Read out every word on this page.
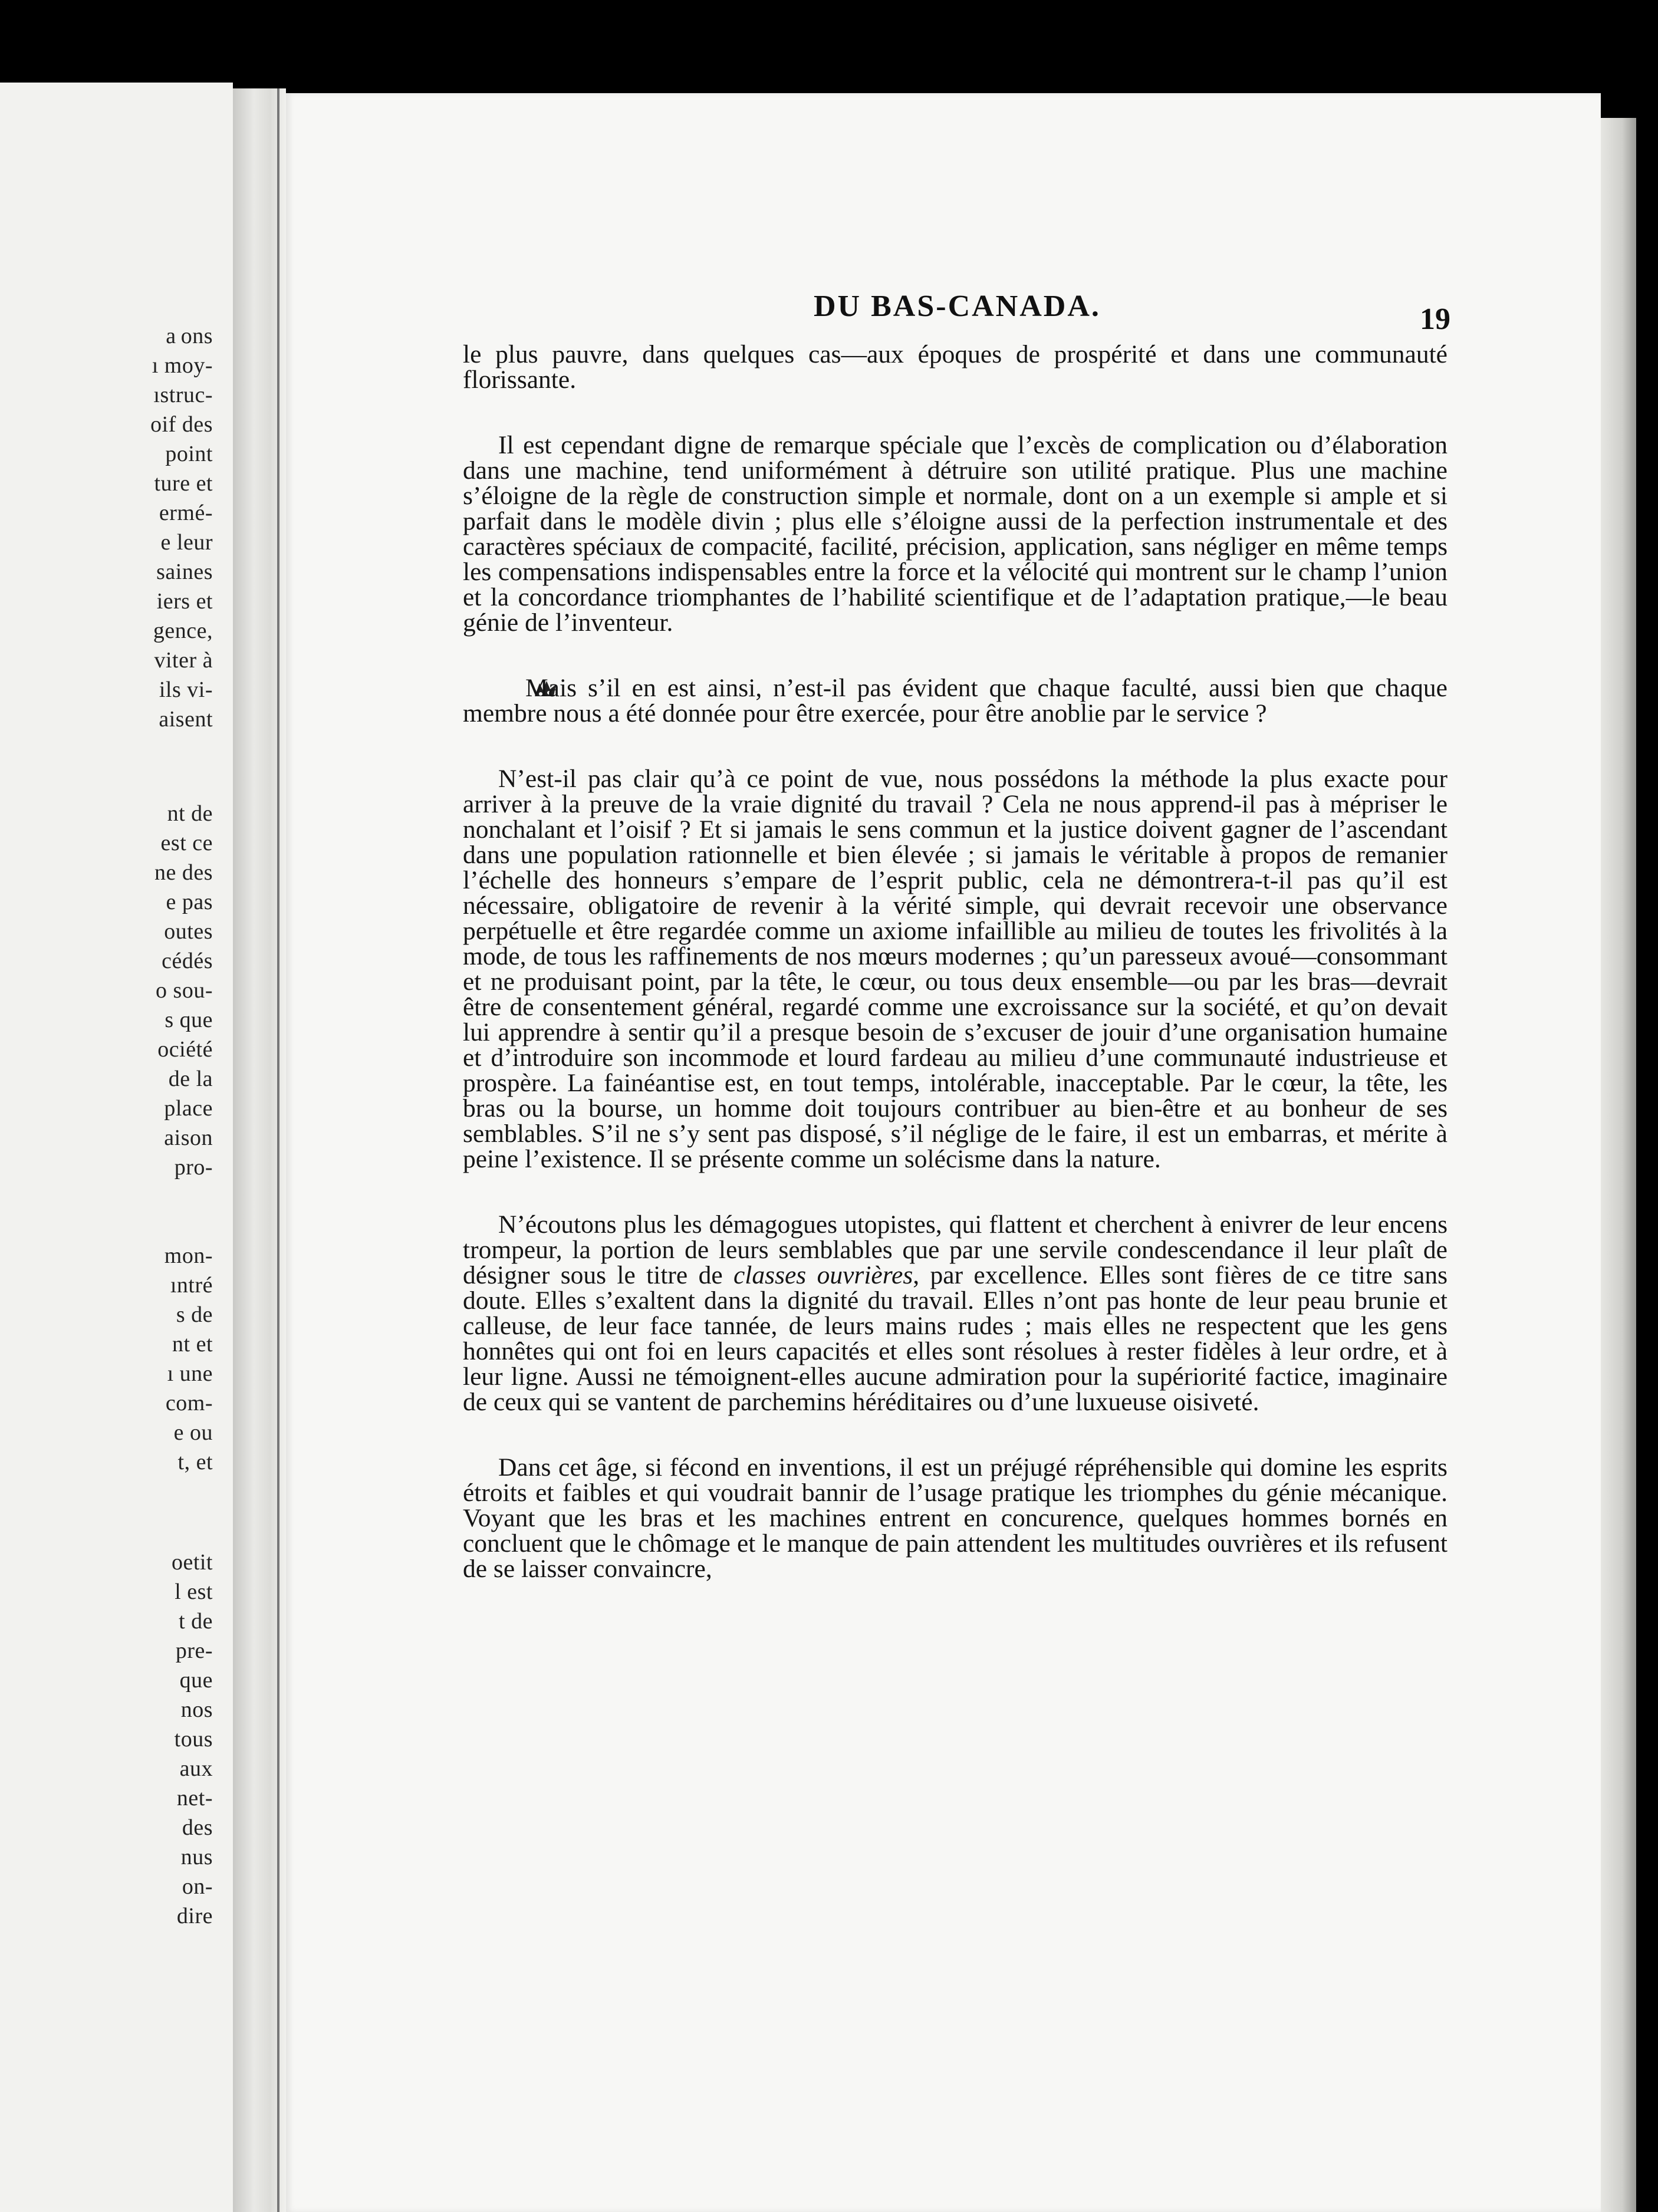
a ons
ı moy-
ıstruc-
oif des
point
ture et
ermé-
e leur
saines
iers et
gence,
viter à
ils vi-
aisent
nt de
est ce
ne des
e pas
outes
cédés
o sou-
s que
ociété
de la
place
aison
pro-
mon-
ıntré
s de
nt et
ı une
com-
e ou
t, et
oetit
l est
t de
pre-
que
nos
tous
aux
net-
des
nus
on-
dire
DU BAS-CANADA.	19

le plus pauvre, dans quelques cas—aux époques de prospérité et dans une communauté florissante.

Il est cependant digne de remarque spéciale que l’excès de complication ou d’élaboration dans une machine, tend uniformément à détruire son utilité pratique. Plus une machine s’éloigne de la règle de construction simple et normale, dont on a un exemple si ample et si parfait dans le modèle divin ; plus elle s’éloigne aussi de la perfection instrumentale et des caractères spéciaux de compacité, facilité, précision, application, sans négliger en même temps les compensations indispensables entre la force et la vélocité qui montrent sur le champ l’union et la concordance triomphantes de l’habilité scientifique et de l’adaptation pratique,—le beau génie de l’inventeur.

Mais s’il en est ainsi, n’est-il pas évident que chaque faculté, aussi bien que chaque membre nous a été donnée pour être exercée, pour être anoblie par le service ?

N’est-il pas clair qu’à ce point de vue, nous possédons la méthode la plus exacte pour arriver à la preuve de la vraie dignité du travail ? Cela ne nous apprend-il pas à mépriser le nonchalant et l’oisif ? Et si jamais le sens commun et la justice doivent gagner de l’ascendant dans une population rationnelle et bien élevée ; si jamais le véritable à propos de remanier l’échelle des honneurs s’empare de l’esprit public, cela ne démontrera-t-il pas qu’il est nécessaire, obligatoire de revenir à la vérité simple, qui devrait recevoir une observance perpétuelle et être regardée comme un axiome infaillible au milieu de toutes les frivolités à la mode, de tous les raffinements de nos mœurs modernes ; qu’un paresseux avoué—consommant et ne produisant point, par la tête, le cœur, ou tous deux ensemble—ou par les bras—devrait être de consentement général, regardé comme une excroissance sur la société, et qu’on devait lui apprendre à sentir qu’il a presque besoin de s’excuser de jouir d’une organisation humaine et d’introduire son incommode et lourd fardeau au milieu d’une communauté industrieuse et prospère. La fainéantise est, en tout temps, intolérable, inacceptable. Par le cœur, la tête, les bras ou la bourse, un homme doit toujours contribuer au bien-être et au bonheur de ses semblables. S’il ne s’y sent pas disposé, s’il néglige de le faire, il est un embarras, et mérite à peine l’existence. Il se présente comme un solécisme dans la nature.

N’écoutons plus les démagogues utopistes, qui flattent et cherchent à enivrer de leur encens trompeur, la portion de leurs semblables que par une servile condescendance il leur plaît de désigner sous le titre de classes ouvrières, par excellence. Elles sont fières de ce titre sans doute. Elles s’exaltent dans la dignité du travail. Elles n’ont pas honte de leur peau brunie et calleuse, de leur face tannée, de leurs mains rudes ; mais elles ne respectent que les gens honnêtes qui ont foi en leurs capacités et elles sont résolues à rester fidèles à leur ordre, et à leur ligne. Aussi ne témoignent-elles aucune admiration pour la supériorité factice, imaginaire de ceux qui se vantent de parchemins héréditaires ou d’une luxueuse oisiveté.

Dans cet âge, si fécond en inventions, il est un préjugé répréhensible qui domine les esprits étroits et faibles et qui voudrait bannir de l’usage pratique les triomphes du génie mécanique. Voyant que les bras et les machines entrent en concurence, quelques hommes bornés en concluent que le chômage et le manque de pain attendent les multitudes ouvrières et ils refusent de se laisser convaincre,
